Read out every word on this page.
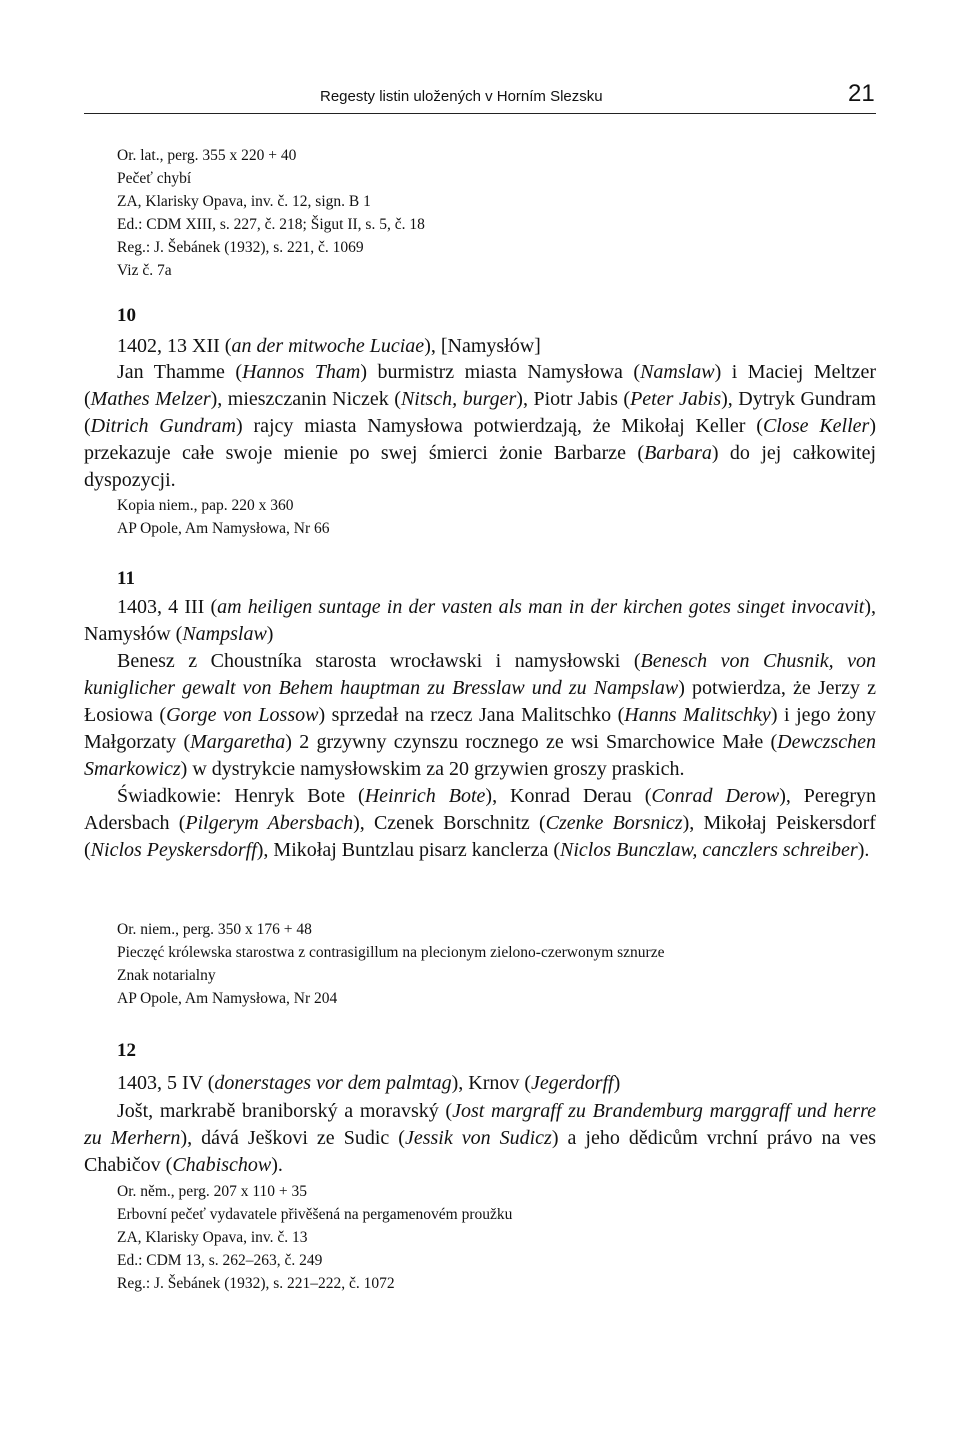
Regesty listin uložených v Horním Slezsku	21
Or. lat., perg. 355 x 220 + 40
Pečeť chybí
ZA, Klarisky Opava, inv. č. 12, sign. B 1
Ed.: CDM XIII, s. 227, č. 218; Šigut II, s. 5, č. 18
Reg.: J. Šebánek (1932), s. 221, č. 1069
Viz č. 7a
10
1402, 13 XII (an der mitwoche Luciae), [Namysłów]

Jan Thamme (Hannos Tham) burmistrz miasta Namysłowa (Namslaw) i Maciej Meltzer (Mathes Melzer), mieszczanin Niczek (Nitsch, burger), Piotr Jabis (Peter Jabis), Dytryk Gundram (Ditrich Gundram) rajcy miasta Namysłowa potwierdzają, że Mikołaj Keller (Close Keller) przekazuje całe swoje mienie po swej śmierci żonie Barbarze (Barbara) do jej całkowitej dyspozycji.

Kopia niem., pap. 220 x 360
AP Opole, Am Namysłowa, Nr 66
11

1403, 4 III (am heiligen suntage in der vasten als man in der kirchen gotes singet invocavit), Namysłów (Nampslaw)

Benesz z Choustníka starosta wrocławski i namysłowski (Benesch von Chusnik, von kuniglicher gewalt von Behem hauptman zu Bresslaw und zu Nampslaw) potwierdza, że Jerzy z Łosiowa (Gorge von Lossow) sprzedał na rzecz Jana Malitschko (Hanns Malitschky) i jego żony Małgorzaty (Margaretha) 2 grzywny czynszu rocznego ze wsi Smarchowice Małe (Dewczschen Smarkowicz) w dystrykcie namysłowskim za 20 grzywien groszy praskich.

Świadkowie: Henryk Bote (Heinrich Bote), Konrad Derau (Conrad Derow), Peregryn Adersbach (Pilgerym Abersbach), Czenek Borschnitz (Czenke Borsnicz), Mikołaj Peiskersdorf (Niclos Peyskersdorff), Mikołaj Buntzlau pisarz kanclerza (Niclos Bunczlaw, canczlers schreiber).

Or. niem., perg. 350 x 176 + 48
Pieczęć królewska starostwa z contrasigillum na plecionym zielono-czerwonym sznurze
Znak notarialny
AP Opole, Am Namysłowa, Nr 204
12
1403, 5 IV (donerstages vor dem palmtag), Krnov (Jegerdorff)

Jošt, markrabě braniborský a moravský (Jost margraff zu Brandemburg marggraff und herre zu Merhern), dává Ješkovi ze Sudic (Jessik von Sudicz) a jeho dědicům vrchní právo na ves Chabičov (Chabischow).

Or. něm., perg. 207 x 110 + 35
Erbovní pečeť vydavatele přivěšená na pergamenovém proužku
ZA, Klarisky Opava, inv. č. 13
Ed.: CDM 13, s. 262–263, č. 249
Reg.: J. Šebánek (1932), s. 221–222, č. 1072
